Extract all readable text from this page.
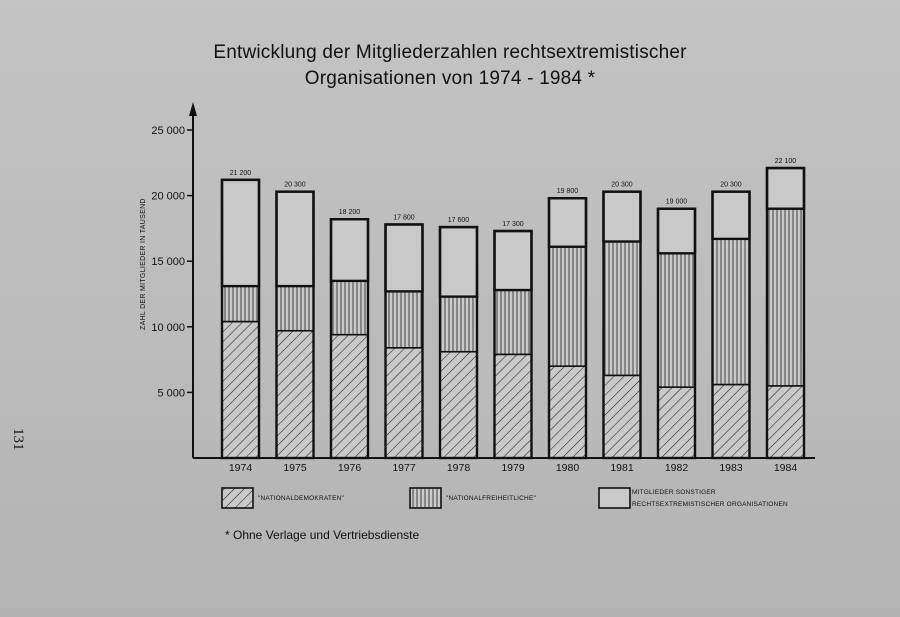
5 000
10 000
15 000
20 000
25 000
21 200
1974
20 300
1975
18 200
1976
17 800
1977
17 600
1978
17 300
1979
19 800
1980
20 300
1981
19 000
1982
20 300
1983
22 100
1984
Entwicklung der Mitgliederzahlen rechtsextremistischer
Organisationen von 1974 - 1984 *
131
ZAHL DER MITGLIEDER IN TAUSEND
"NATIONALDEMOKRATEN"	"NATIONALFREIHEITLICHE"
MITGLIEDER SONSTIGER
RECHTSEXTREMISTISCHER ORGANISATIONEN
* Ohne Verlage und Vertriebsdienste
